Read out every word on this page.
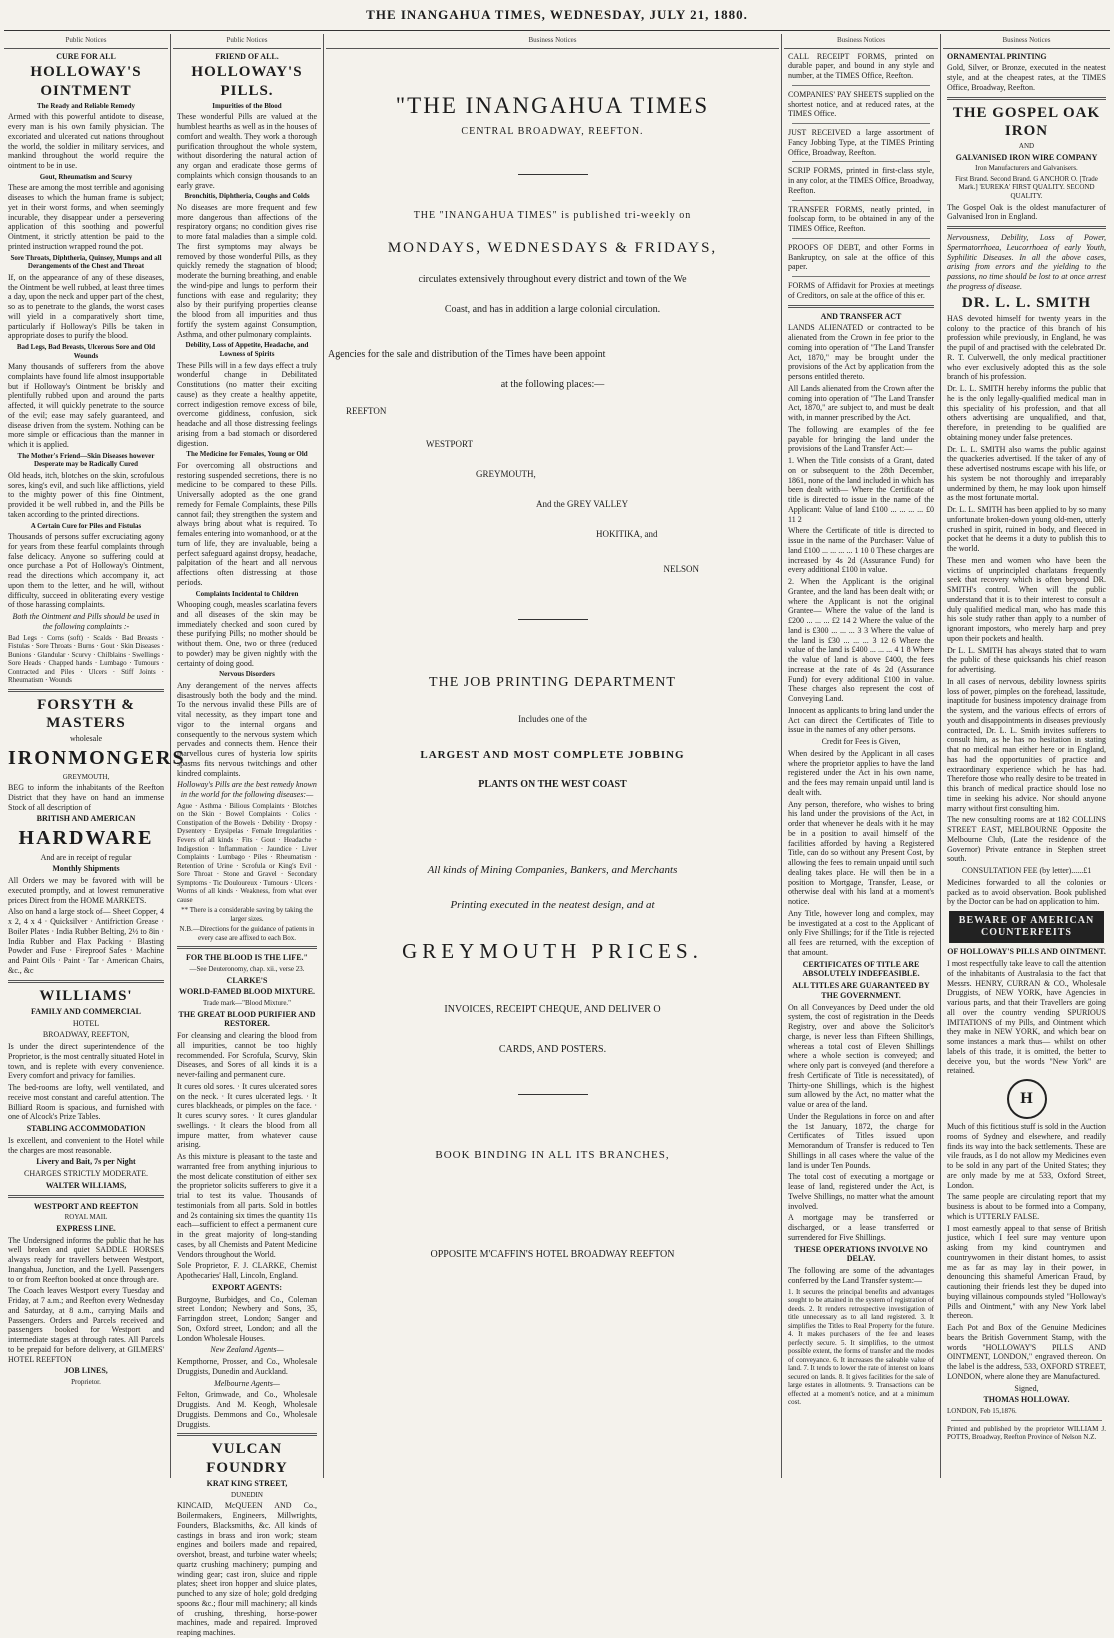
THE INANGAHUA TIMES, WEDNESDAY, JULY 21, 1880.
Public Notices

CURE FOR ALL

HOLLOWAY'S OINTMENT

The Ready and Reliable Remedy

Armed with this powerful antidote to disease, every man is his own family physician. The excoriated and ulcerated cut nations throughout the world, the soldier in military services, and mankind throughout the world require the ointment to be in use.

Gout, Rheumatism and Scurvy

These are among the most terrible and agonising diseases to which the human frame is subject; yet in their worst forms, and when seemingly incurable, they disappear under a persevering application of this soothing and powerful Ointment, it strictly attention be paid to the printed instruction wrapped round the pot.

Sore Throats, Diphtheria, Quinsey, Mumps and all Derangements of the Chest and Throat

If, on the appearance of any of these diseases, the Ointment be well rubbed, at least three times a day, upon the neck and upper part of the chest, so as to penetrate to the glands, the worst cases will yield in a comparatively short time, particularly if Holloway's Pills be taken in appropriate doses to purify the blood.

Bad Legs, Bad Breasts, Ulcerous Sore and Old Wounds

Many thousands of sufferers from the above complaints have found life almost insupportable but if Holloway's Ointment be briskly and plentifully rubbed upon and around the parts affected, it will quickly penetrate to the source of the evil; ease may safely guaranteed, and disease driven from the system. Nothing can be more simple or efficacious than the manner in which it is applied.

The Mother's Friend—Skin Diseases however Desperate may be Radically Cured

Old heads, itch, blotches on the skin, scrofulous sores, king's evil, and such like afflictions, yield to the mighty power of this fine Ointment, provided it be well rubbed in, and the Pills be taken according to the printed directions.

A Certain Cure for Piles and Fistulas

Thousands of persons suffer excruciating agony for years from these fearful complaints through false delicacy. Anyone so suffering could at once purchase a Pot of Holloway's Ointment, read the directions which accompany it, act upon them to the letter, and he will, without difficulty, succeed in obliterating every vestige of those harassing complaints.

Both the Ointment and Pills should be used in the following complaints :-

Bad Legs · Corns (soft) · Scalds · Bad Breasts · Fistulas · Sore Throats · Burns · Gout · Skin Diseases · Bunions · Glandular · Scurvy · Chilblains · Swellings · Sore Heads · Chapped hands · Lumbago · Tumours · Contracted and Piles · Ulcers · Stiff Joints · Rheumatism · Wounds

FORSYTH & MASTERS

wholesale

IRONMONGERS

GREYMOUTH,

BEG to inform the inhabitants of the Reefton District that they have on hand an immense Stock of all description of

BRITISH AND AMERICAN

HARDWARE

And are in receipt of regular

Monthly Shipments

All Orders we may be favored with will be executed promptly, and at lowest remunerative prices Direct from the HOME MARKETS.

Also on hand a large stock of— Sheet Copper, 4 x 2, 4 x 4 · Quicksilver · Antifriction Grease · Boiler Plates · India Rubber Belting, 2½ to 8in · India Rubber and Flax Packing · Blasting Powder and Fuse · Fireproof Safes · Machine and Paint Oils · Paint · Tar · American Chairs, &c., &c

WILLIAMS'

FAMILY AND COMMERCIAL

HOTEL

BROADWAY, REEFTON,

Is under the direct superintendence of the Proprietor, is the most centrally situated Hotel in town, and is replete with every convenience. Every comfort and privacy for families.

The bed-rooms are lofty, well ventilated, and receive most constant and careful attention. The Billiard Room is spacious, and furnished with one of Alcock's Prize Tables.

STABLING ACCOMMODATION

Is excellent, and convenient to the Hotel while the charges are most reasonable.

Livery and Bait, 7s per Night

CHARGES STRICTLY MODERATE.

WALTER WILLIAMS,

WESTPORT AND REEFTON

ROYAL MAIL

EXPRESS LINE.

The Undersigned informs the public that he has well broken and quiet SADDLE HORSES always ready for travellers between Westport, Inangahua, Junction, and the Lyell. Passengers to or from Reefton booked at once through are.

The Coach leaves Westport every Tuesday and Friday, at 7 a.m.; and Reefton every Wednesday and Saturday, at 8 a.m., carrying Mails and Passengers. Orders and Parcels received and passengers booked for Westport and intermediate stages at through rates. All Parcels to be prepaid for before delivery, at GILMERS' HOTEL REEFTON

JOB LINES,

Proprietor.

Public Notices

FRIEND OF ALL.

HOLLOWAY'S PILLS.

Impurities of the Blood

These wonderful Pills are valued at the humblest hearths as well as in the houses of comfort and wealth. They work a thorough purification throughout the whole system, without disordering the natural action of any organ and eradicate those germs of complaints which consign thousands to an early grave.

Bronchitis, Diphtheria, Coughs and Colds

No diseases are more frequent and few more dangerous than affections of the respiratory organs; no condition gives rise to more fatal maladies than a simple cold. The first symptoms may always be removed by those wonderful Pills, as they quickly remedy the stagnation of blood; moderate the burning breathing, and enable the wind-pipe and lungs to perform their functions with ease and regularity; they also by their purifying properties cleanse the blood from all impurities and thus fortify the system against Consumption, Asthma, and other pulmonary complaints.

Debility, Loss of Appetite, Headache, and Lowness of Spirits

These Pills will in a few days effect a truly wonderful change in Debilitated Constitutions (no matter their exciting cause) as they create a healthy appetite, correct indigestion remove excess of bile, overcome giddiness, confusion, sick headache and all those distressing feelings arising from a bad stomach or disordered digestion.

The Medicine for Females, Young or Old

For overcoming all obstructions and restoring suspended secretions, there is no medicine to be compared to these Pills. Universally adopted as the one grand remedy for Female Complaints, these Pills cannot fail; they strengthen the system and always bring about what is required. To females entering into womanhood, or at the turn of life, they are invaluable, being a perfect safeguard against dropsy, headache, palpitation of the heart and all nervous affections often distressing at those periods.

Complaints Incidental to Children

Whooping cough, measles scarlatina fevers and all diseases of the skin may be immediately checked and soon cured by these purifying Pills; no mother should be without them. One, two or three (reduced to powder) may be given nightly with the certainty of doing good.

Nervous Disorders

Any derangement of the nerves affects disastrously both the body and the mind. To the nervous invalid these Pills are of vital necessity, as they impart tone and vigor to the internal organs and consequently to the nervous system which pervades and connects them. Hence their marvellous cures of hysteria low spirits spasms fits nervous twitchings and other kindred complaints.

Holloway's Pills are the best remedy known in the world for the following diseases:—

Ague · Asthma · Bilious Complaints · Blotches on the Skin · Bowel Complaints · Colics · Constipation of the Bowels · Debility · Dropsy · Dysentery · Erysipelas · Female Irregularities · Fevers of all kinds · Fits · Gout · Headache · Indigestion · Inflammation · Jaundice · Liver Complaints · Lumbago · Piles · Rheumatism · Retention of Urine · Scrofula or King's Evil · Sore Throat · Stone and Gravel · Secondary Symptoms · Tic Douloureux · Tumours · Ulcers · Worms of all kinds · Weakness, from what ever cause

** There is a considerable saving by taking the larger sizes.

N.B.—Directions for the guidance of patients in every case are affixed to each Box.

FOR THE BLOOD IS THE LIFE."

—See Deuteronomy, chap. xii., verse 23.

CLARKE'S

WORLD-FAMED BLOOD MIXTURE.

Trade mark—"Blood Mixture."

THE GREAT BLOOD PURIFIER AND RESTORER.

For cleansing and clearing the blood from all impurities, cannot be too highly recommended. For Scrofula, Scurvy, Skin Diseases, and Sores of all kinds it is a never-failing and permanent cure.

It cures old sores. · It cures ulcerated sores on the neck. · It cures ulcerated legs. · It cures blackheads, or pimples on the face. · It cures scurvy sores. · It cures glandular swellings. · It clears the blood from all impure matter, from whatever cause arising.

As this mixture is pleasant to the taste and warranted free from anything injurious to the most delicate constitution of either sex the proprietor solicits sufferers to give it a trial to test its value. Thousands of testimonials from all parts. Sold in bottles and 2s containing six times the quantity 11s each—sufficient to effect a permanent cure in the great majority of long-standing cases, by all Chemists and Patent Medicine Vendors throughout the World.

Sole Proprietor, F. J. CLARKE, Chemist Apothecaries' Hall, Lincoln, England.

EXPORT AGENTS:

Burgoyne, Burbidges, and Co., Coleman street London; Newbery and Sons, 35, Farringdon street, London; Sanger and Son, Oxford street, London; and all the London Wholesale Houses.

New Zealand Agents—

Kempthorne, Prosser, and Co., Wholesale Druggists, Dunedin and Auckland.

Melbourne Agents—

Felton, Grimwade, and Co., Wholesale Druggists. And M. Keogh, Wholesale Druggists. Demmons and Co., Wholesale Druggists.

VULCAN FOUNDRY

KRAT KING STREET,

DUNEDIN

KINCAID, McQUEEN AND Co., Boilermakers, Engineers, Millwrights, Founders, Blacksmiths, &c. All kinds of castings in brass and iron work; steam engines and boilers made and repaired, overshot, breast, and turbine water wheels; quartz crushing machinery; pumping and winding gear; cast iron, sluice and ripple plates; sheet iron hopper and sluice plates, punched to any size of hole; gold dredging spoons &c.; flour mill machinery; all kinds of crushing, threshing, horse-power machines, made and repaired. Improved reaping machines.

Business Notices
"THE INANGAHUA TIMES
CENTRAL BROADWAY, REEFTON.
THE "INANGAHUA TIMES" is published tri-weekly on
MONDAYS, WEDNESDAYS & FRIDAYS,
circulates extensively throughout every district and town of the We
Coast, and has in addition a large colonial circulation.
Agencies for the sale and distribution of the Times have been appoint
at the following places:—
REEFTON
WESTPORT
GREYMOUTH,
And the GREY VALLEY
HOKITIKA, and
NELSON
THE JOB PRINTING DEPARTMENT
Includes one of the
LARGEST AND MOST COMPLETE JOBBING
PLANTS ON THE WEST COAST
All kinds of Mining Companies, Bankers, and Merchants
Printing executed in the neatest design, and at
GREYMOUTH PRICES.
INVOICES, RECEIPT CHEQUE, AND DELIVER O
CARDS, AND POSTERS.
BOOK BINDING IN ALL ITS BRANCHES,
OPPOSITE M'CAFFIN'S HOTEL BROADWAY REEFTON
Business Notices

CALL RECEIPT FORMS, printed on durable paper, and bound in any style and number, at the TIMES Office, Reefton.

COMPANIES' PAY SHEETS supplied on the shortest notice, and at reduced rates, at the TIMES Office.

JUST RECEIVED a large assortment of Fancy Jobbing Type, at the TIMES Printing Office, Broadway, Reefton.

SCRIP FORMS, printed in first-class style, in any color, at the TIMES Office, Broadway, Reefton.

TRANSFER FORMS, neatly printed, in foolscap form, to be obtained in any of the TIMES Office, Reefton.

PROOFS OF DEBT, and other Forms in Bankruptcy, on sale at the office of this paper.

FORMS of Affidavit for Proxies at meetings of Creditors, on sale at the office of this er.

AND TRANSFER ACT

LANDS ALIENATED or contracted to be alienated from the Crown in fee prior to the coming into operation of "The Land Transfer Act, 1870," may be brought under the provisions of the Act by application from the persons entitled thereto.

All Lands alienated from the Crown after the coming into operation of "The Land Transfer Act, 1870," are subject to, and must be dealt with, in manner prescribed by the Act.

The following are examples of the fee payable for bringing the land under the provisions of the Land Transfer Act:—

1. When the Title consists of a Grant, dated on or subsequent to the 28th December, 1861, none of the land included in which has been dealt with— Where the Certificate of title is directed to issue in the name of the Applicant: Value of land £100 ... ... ... ... £0 11 2

Where the Certificate of title is directed to issue in the name of the Purchaser: Value of land £100 ... ... ... ... 1 10 0 These charges are increased by 4s 2d (Assurance Fund) for every additional £100 in value.

2. When the Applicant is the original Grantee, and the land has been dealt with; or where the Applicant is not the original Grantee— Where the value of the land is £200 ... ... ... £2 14 2 Where the value of the land is £300 ... ... ... 3 3 Where the value of the land is £30 ... ... ... 3 12 6 Where the value of the land is £400 ... ... ... 4 1 8 Where the value of land is above £400, the fees increase at the rate of 4s 2d (Assurance Fund) for every additional £100 in value. These charges also represent the cost of Conveying Land.

Innocent as applicants to bring land under the Act can direct the Certificates of Title to issue in the names of any other persons.

Credit for Fees is Given,

When desired by the Applicant in all cases where the proprietor applies to have the land registered under the Act in his own name, and the fees may remain unpaid until land is dealt with.

Any person, therefore, who wishes to bring his land under the provisions of the Act, in order that whenever he deals with it he may be in a position to avail himself of the facilities afforded by having a Registered Title, can do so without any Present Cost, by allowing the fees to remain unpaid until such dealing takes place. He will then be in a position to Mortgage, Transfer, Lease, or otherwise deal with his land at a moment's notice.

Any Title, however long and complex, may be investigated at a cost to the Applicant of only Five Shillings; for if the Title is rejected all fees are returned, with the exception of that amount.

CERTIFICATES OF TITLE ARE ABSOLUTELY INDEFEASIBLE.

ALL TITLES ARE GUARANTEED BY THE GOVERNMENT.

On all Conveyances by Deed under the old system, the cost of registration in the Deeds Registry, over and above the Solicitor's charge, is never less than Fifteen Shillings, whereas a total cost of Eleven Shillings where a whole section is conveyed; and where only part is conveyed (and therefore a fresh Certificate of Title is necessitated), of Thirty-one Shillings, which is the highest sum allowed by the Act, no matter what the value or area of the land.

Under the Regulations in force on and after the 1st January, 1872, the charge for Certificates of Titles issued upon Memorandum of Transfer is reduced to Ten Shillings in all cases where the value of the land is under Ten Pounds.

The total cost of executing a mortgage or lease of land, registered under the Act, is Twelve Shillings, no matter what the amount involved.

A mortgage may be transferred or discharged, or a lease transferred or surrendered for Five Shillings.

THESE OPERATIONS INVOLVE NO DELAY.

The following are some of the advantages conferred by the Land Transfer system:—

1. It secures the principal benefits and advantages sought to be attained in the system of registration of deeds. 2. It renders retrospective investigation of title unnecessary as to all land registered. 3. It simplifies the Titles to Real Property for the future. 4. It makes purchasers of the fee and leases perfectly secure. 5. It simplifies, to the utmost possible extent, the forms of transfer and the modes of conveyance. 6. It increases the saleable value of land. 7. It tends to lower the rate of interest on loans secured on lands. 8. It gives facilities for the sale of large estates in allotments. 9. Transactions can be effected at a moment's notice, and at a minimum cost.

Business Notices

ORNAMENTAL PRINTING

Gold, Silver, or Bronze, executed in the neatest style, and at the cheapest rates, at the TIMES Office, Broadway, Reefton.

THE GOSPEL OAK IRON

AND

GALVANISED IRON WIRE COMPANY

Iron Manufacturers and Galvanisers.

First Brand. Second Brand. G ANCHOR O. [Trade Mark.] 'EUREKA' FIRST QUALITY. SECOND QUALITY.

The Gospel Oak is the oldest manufacturer of Galvanised Iron in England.

Nervousness, Debility, Loss of Power, Spermatorrhoea, Leucorrhoea of early Youth, Syphilitic Diseases. In all the above cases, arising from errors and the yielding to the passions, no time should be lost to at once arrest the progress of disease.

DR. L. L. SMITH

HAS devoted himself for twenty years in the colony to the practice of this branch of his profession while previously, in England, he was the pupil of and practised with the celebrated Dr. R. T. Culverwell, the only medical practitioner who ever exclusively adopted this as the sole branch of his profession.

Dr. L. L. SMITH hereby informs the public that he is the only legally-qualified medical man in this speciality of his profession, and that all others advertising are unqualified, and that, therefore, in pretending to be qualified are obtaining money under false pretences.

Dr. L. L. SMITH also warns the public against the quackeries advertised. If the taker of any of these advertised nostrums escape with his life, or his system be not thoroughly and irreparably undermined by them, he may look upon himself as the most fortunate mortal.

Dr. L. L. SMITH has been applied to by so many unfortunate broken-down young old-men, utterly crushed in spirit, ruined in body, and fleeced in pocket that he deems it a duty to publish this to the world.

These men and women who have been the victims of unprincipled charlatans frequently seek that recovery which is often beyond DR. SMITH's control. When will the public understand that it is to their interest to consult a duly qualified medical man, who has made this his sole study rather than apply to a number of ignorant impostors, who merely harp and prey upon their pockets and health.

Dr L. L. SMITH has always stated that to warn the public of these quicksands his chief reason for advertising.

In all cases of nervous, debility lowness spirits loss of power, pimples on the forehead, lassitude, inaptitude for business impotency drainage from the system, and the various effects of errors of youth and disappointments in diseases previously contracted, Dr. L. L. Smith invites sufferers to consult him, as he has no hesitation in stating that no medical man either here or in England, has had the opportunities of practice and extraordinary experience which he has had. Therefore those who really desire to be treated in this branch of medical practice should lose no time in seeking his advice. Nor should anyone marry without first consulting him.

The new consulting rooms are at 182 COLLINS STREET EAST, MELBOURNE Opposite the Melbourne Club, (Late the residence of the Governor) Private entrance in Stephen street south.

CONSULTATION FEE (by letter)......£1

Medicines forwarded to all the colonies or packed as to avoid observation. Book published by the Doctor can be had on application to him.

BEWARE OF AMERICAN COUNTERFEITS

OF HOLLOWAY'S PILLS AND OINTMENT.

I most respectfully take leave to call the attention of the inhabitants of Australasia to the fact that Messrs. HENRY, CURRAN & CO., Wholesale Druggists, of NEW YORK, have Agencies in various parts, and that their Travellers are going all over the country vending SPURIOUS IMITATIONS of my Pills, and Ointment which they make in NEW YORK, and which bear on some instances a mark thus— whilst on other labels of this trade, it is omitted, the better to deceive you, but the words "New York" are retained.

H

Much of this fictitious stuff is sold in the Auction rooms of Sydney and elsewhere, and readily finds its way into the back settlements. These are vile frauds, as I do not allow my Medicines even to be sold in any part of the United States; they are only made by me at 533, Oxford Street, London.

The same people are circulating report that my business is about to be formed into a Company, which is UTTERLY FALSE.

I most earnestly appeal to that sense of British justice, which I feel sure may venture upon asking from my kind countrymen and countrywomen in their distant homes, to assist me as far as may lay in their power, in denouncing this shameful American Fraud, by cautioning their friends lest they be duped into buying villainous compounds styled "Holloway's Pills and Ointment," with any New York label thereon.

Each Pot and Box of the Genuine Medicines bears the British Government Stamp, with the words "HOLLOWAY'S PILLS AND OINTMENT, LONDON," engraved thereon. On the label is the address, 533, OXFORD STREET, LONDON, where alone they are Manufactured.

Signed,

THOMAS HOLLOWAY.

LONDON, Feb 15,1876.

Printed and published by the proprietor WILLIAM J. POTTS, Broadway, Reefton Province of Nelson N.Z.
